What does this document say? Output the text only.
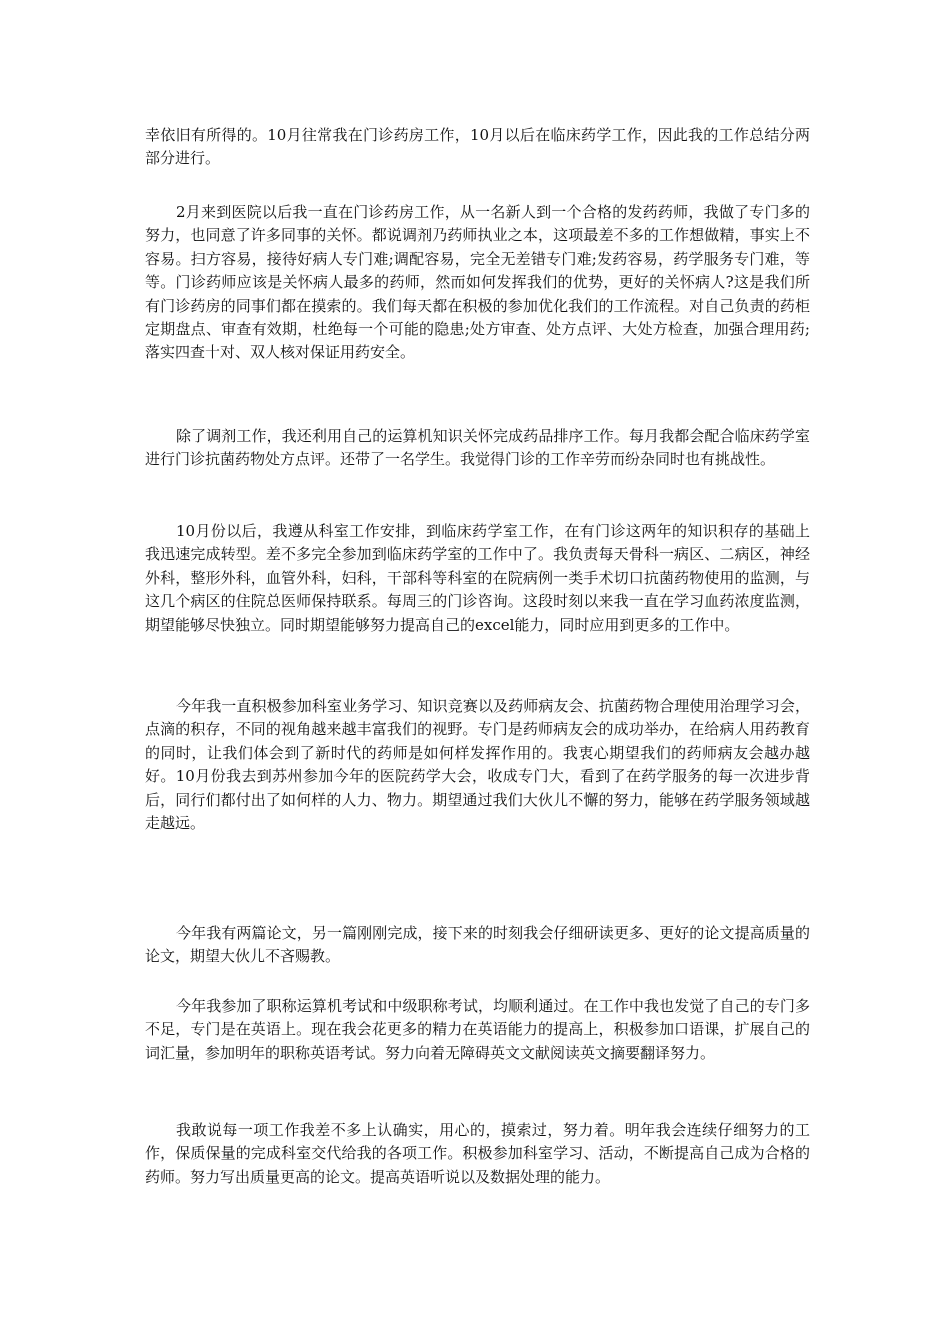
幸依旧有所得的。10月往常我在门诊药房工作，10月以后在临床药学工作，因此我的工作总结分两部分进行。

2月来到医院以后我一直在门诊药房工作，从一名新人到一个合格的发药药师，我做了专门多的努力，也同意了许多同事的关怀。都说调剂乃药师执业之本，这项最差不多的工作想做精，事实上不容易。扫方容易，接待好病人专门难;调配容易，完全无差错专门难;发药容易，药学服务专门难，等等。门诊药师应该是关怀病人最多的药师，然而如何发挥我们的优势，更好的关怀病人?这是我们所有门诊药房的同事们都在摸索的。我们每天都在积极的参加优化我们的工作流程。对自己负责的药柜定期盘点、审查有效期，杜绝每一个可能的隐患;处方审查、处方点评、大处方检查，加强合理用药;落实四查十对、双人核对保证用药安全。

除了调剂工作，我还利用自己的运算机知识关怀完成药品排序工作。每月我都会配合临床药学室进行门诊抗菌药物处方点评。还带了一名学生。我觉得门诊的工作辛劳而纷杂同时也有挑战性。

10月份以后，我遵从科室工作安排，到临床药学室工作，在有门诊这两年的知识积存的基础上我迅速完成转型。差不多完全参加到临床药学室的工作中了。我负责每天骨科一病区、二病区，神经外科，整形外科，血管外科，妇科，干部科等科室的在院病例一类手术切口抗菌药物使用的监测，与这几个病区的住院总医师保持联系。每周三的门诊咨询。这段时刻以来我一直在学习血药浓度监测，期望能够尽快独立。同时期望能够努力提高自己的excel能力，同时应用到更多的工作中。

今年我一直积极参加科室业务学习、知识竞赛以及药师病友会、抗菌药物合理使用治理学习会，点滴的积存，不同的视角越来越丰富我们的视野。专门是药师病友会的成功举办，在给病人用药教育的同时，让我们体会到了新时代的药师是如何样发挥作用的。我衷心期望我们的药师病友会越办越好。10月份我去到苏州参加今年的医院药学大会，收成专门大，看到了在药学服务的每一次进步背后，同行们都付出了如何样的人力、物力。期望通过我们大伙儿不懈的努力，能够在药学服务领域越走越远。

今年我有两篇论文，另一篇刚刚完成，接下来的时刻我会仔细研读更多、更好的论文提高质量的论文，期望大伙儿不吝赐教。

今年我参加了职称运算机考试和中级职称考试，均顺利通过。在工作中我也发觉了自己的专门多不足，专门是在英语上。现在我会花更多的精力在英语能力的提高上，积极参加口语课，扩展自己的词汇量，参加明年的职称英语考试。努力向着无障碍英文文献阅读英文摘要翻译努力。

我敢说每一项工作我差不多上认确实，用心的，摸索过，努力着。明年我会连续仔细努力的工作，保质保量的完成科室交代给我的各项工作。积极参加科室学习、活动，不断提高自己成为合格的药师。努力写出质量更高的论文。提高英语听说以及数据处理的能力。
